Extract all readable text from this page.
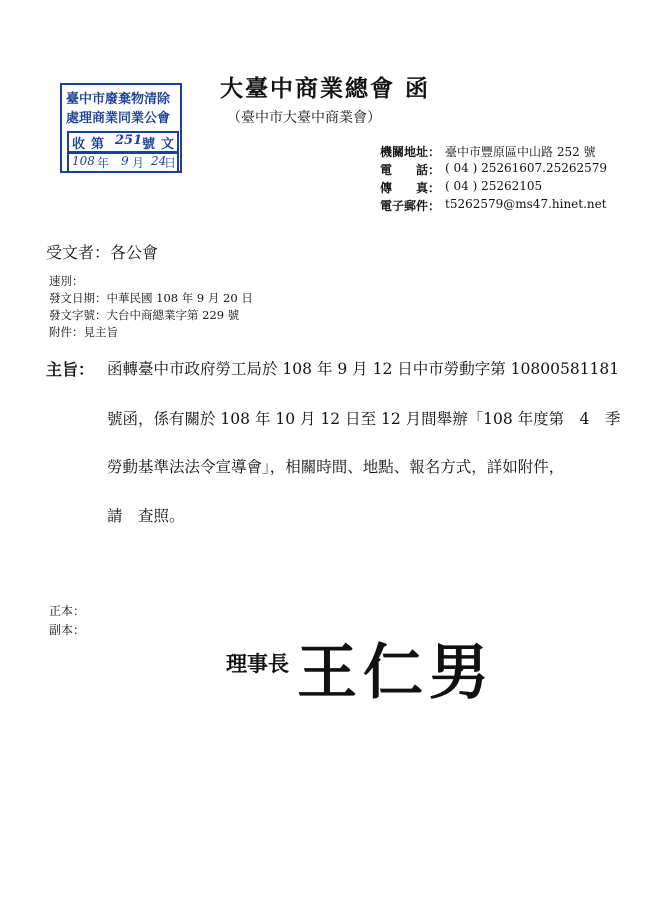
臺中市廢棄物清除
處理商業同業公會
收 第 251 號 文
108 年 9 月 24
日
大臺中商業總會 函
（臺中市大臺中商業會）
機關地址： 臺中市豐原區中山路 252 號
電　　話： ( 04 ) 25261607.25262579
傳　　真： ( 04 ) 25262105
電子郵件： t5262579@ms47.hinet.net
受文者：各公會
速別：
發文日期：中華民國 108 年 9 月 20 日
發文字號：大台中商總業字第 229 號
附件：見主旨
主旨： 函轉臺中市政府勞工局於 108 年 9 月 12 日中市勞動字第 10800581181
號函，係有關於 108 年 10 月 12 日至 12 月間舉辦「108 年度第　4　季
勞動基準法法令宣導會」，相關時間、地點、報名方式，詳如附件，
請　查照。
正本：
副本：
理事長 王仁男
